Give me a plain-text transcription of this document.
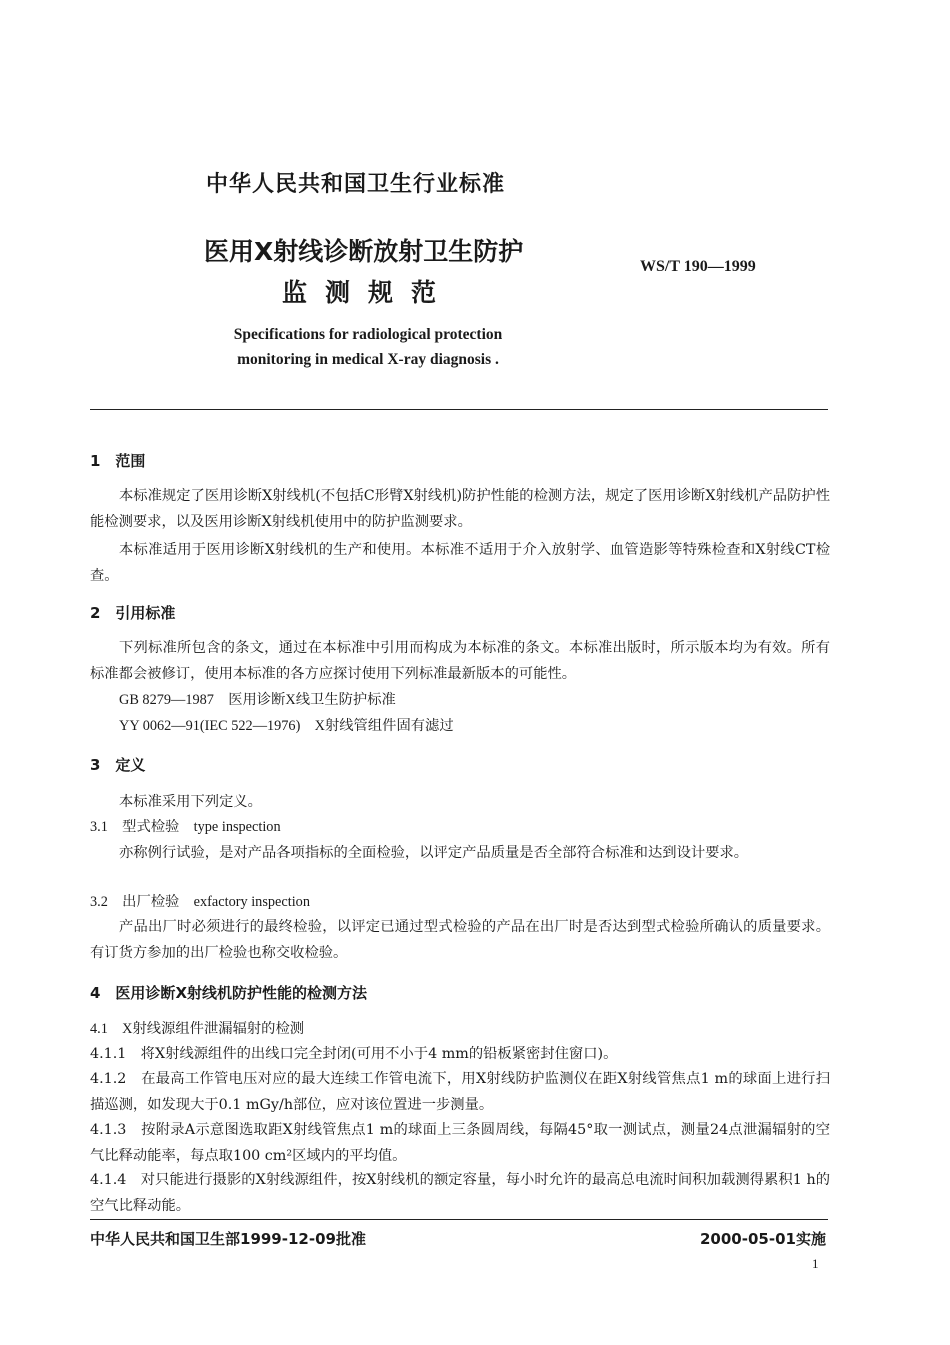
中华人民共和国卫生行业标准
医用X射线诊断放射卫生防护
监测规范
WS/T 190—1999
Specifications for radiological protection
monitoring in medical X-ray diagnosis .
1　范围
本标准规定了医用诊断X射线机(不包括C形臂X射线机)防护性能的检测方法，规定了医用诊断X射线机产品防护性能检测要求，以及医用诊断X射线机使用中的防护监测要求。
本标准适用于医用诊断X射线机的生产和使用。本标准不适用于介入放射学、血管造影等特殊检查和X射线CT检查。
2　引用标准
下列标准所包含的条文，通过在本标准中引用而构成为本标准的条文。本标准出版时，所示版本均为有效。所有标准都会被修订，使用本标准的各方应探讨使用下列标准最新版本的可能性。
GB 8279—1987　医用诊断X线卫生防护标准
YY 0062—91(IEC 522—1976)　X射线管组件固有滤过
3　定义
本标准采用下列定义。
3.1　型式检验　type inspection
亦称例行试验，是对产品各项指标的全面检验，以评定产品质量是否全部符合标准和达到设计要求。
3.2　出厂检验　exfactory inspection
产品出厂时必须进行的最终检验，以评定已通过型式检验的产品在出厂时是否达到型式检验所确认的质量要求。有订货方参加的出厂检验也称交收检验。
4　医用诊断X射线机防护性能的检测方法
4.1　X射线源组件泄漏辐射的检测
4.1.1　将X射线源组件的出线口完全封闭(可用不小于4 mm的铅板紧密封住窗口)。
4.1.2　在最高工作管电压对应的最大连续工作管电流下，用X射线防护监测仪在距X射线管焦点1 m的球面上进行扫描巡测，如发现大于0.1 mGy/h部位，应对该位置进一步测量。
4.1.3　按附录A示意图选取距X射线管焦点1 m的球面上三条圆周线，每隔45°取一测试点，测量24点泄漏辐射的空气比释动能率，每点取100 cm²区域内的平均值。
4.1.4　对只能进行摄影的X射线源组件，按X射线机的额定容量，每小时允许的最高总电流时间积加载测得累积1 h的空气比释动能。
中华人民共和国卫生部1999-12-09批准	2000-05-01实施
1
